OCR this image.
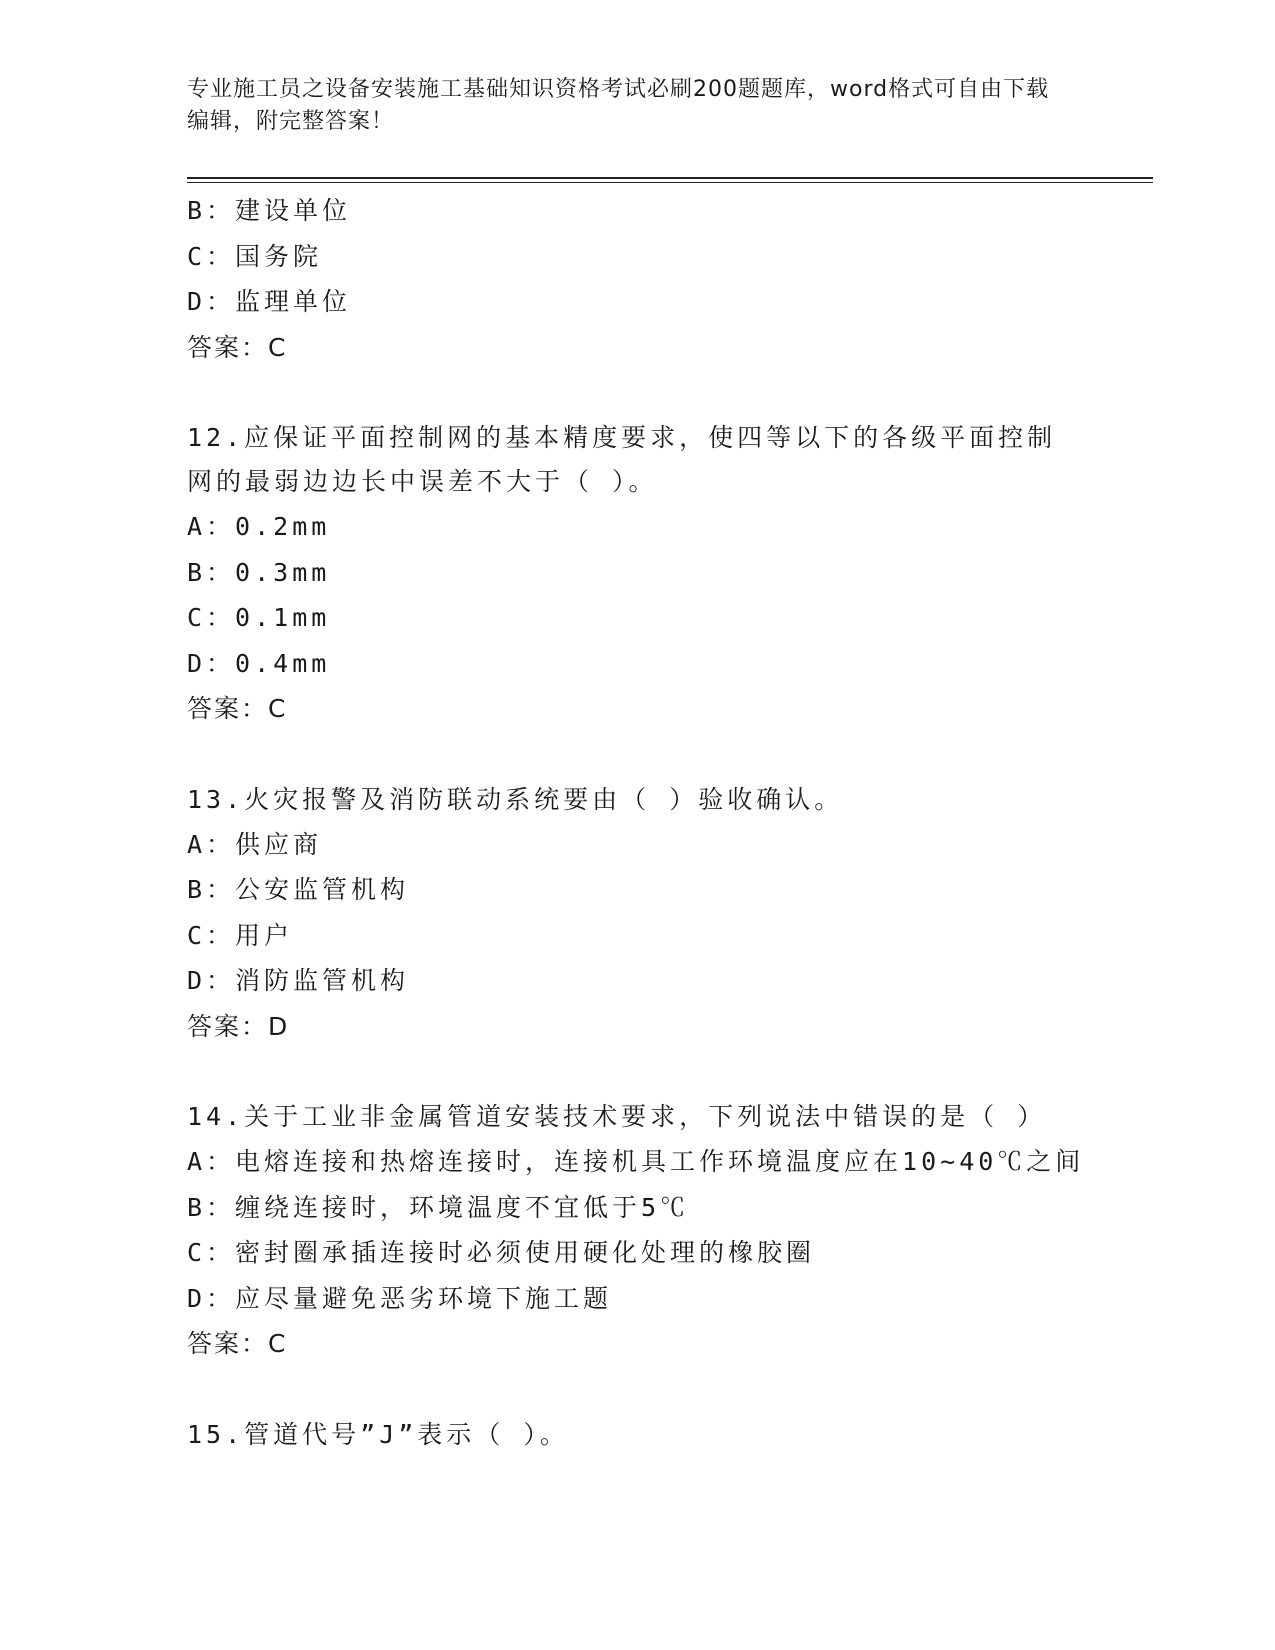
专业施工员之设备安装施工基础知识资格考试必刷200题题库，word格式可自由下载编辑，附完整答案！
B：建设单位
C：国务院
D：监理单位
答案：C
12.应保证平面控制网的基本精度要求，使四等以下的各级平面控制网的最弱边边长中误差不大于（ ）。
A：0.2mm
B：0.3mm
C：0.1mm
D：0.4mm
答案：C
13.火灾报警及消防联动系统要由（ ）验收确认。
A：供应商
B：公安监管机构
C：用户
D：消防监管机构
答案：D
14.关于工业非金属管道安装技术要求，下列说法中错误的是（ ）
A：电熔连接和热熔连接时，连接机具工作环境温度应在10~40℃之间
B：缠绕连接时，环境温度不宜低于5℃
C：密封圈承插连接时必须使用硬化处理的橡胶圈
D：应尽量避免恶劣环境下施工题
答案：C
15.管道代号”J”表示（ ）。
